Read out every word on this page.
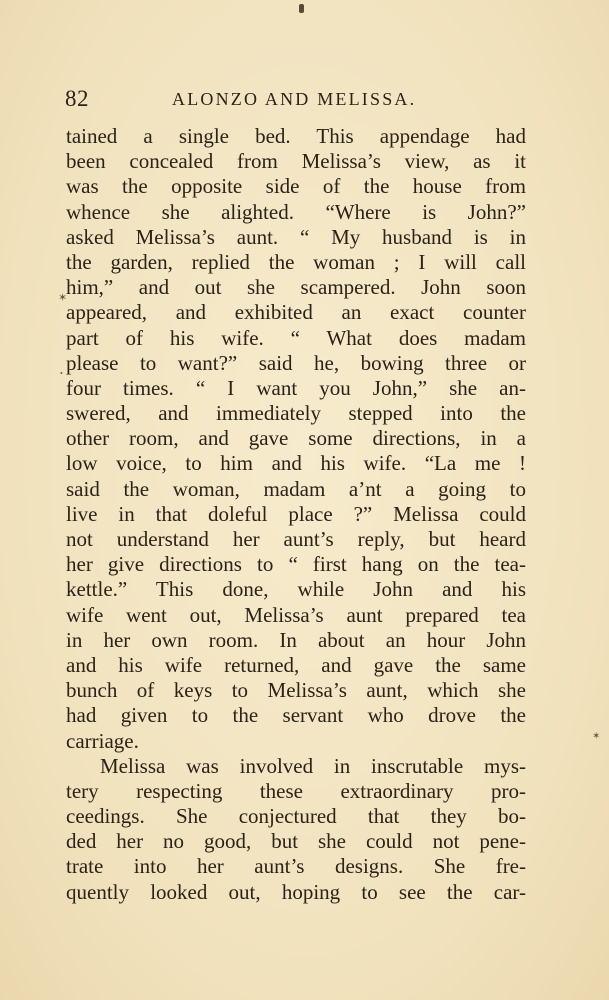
✶
•
✶
82	ALONZO AND MELISSA.
tained a single bed. This appendage had
been concealed from Melissa’s view, as it
was the opposite side of the house from
whence she alighted. “Where is John?”
asked Melissa’s aunt. “ My husband is in
the garden, replied the woman ; I will call
him,” and out she scampered. John soon
appeared, and exhibited an exact counter
part of his wife. “ What does madam
please to want?” said he, bowing three or
four times. “ I want you John,” she an-
swered, and immediately stepped into the
other room, and gave some directions, in a
low voice, to him and his wife. “La me !
said the woman, madam a’nt a going to
live in that doleful place ?” Melissa could
not understand her aunt’s reply, but heard
her give directions to “ first hang on the tea-
kettle.” This done, while John and his
wife went out, Melissa’s aunt prepared tea
in her own room. In about an hour John
and his wife returned, and gave the same
bunch of keys to Melissa’s aunt, which she
had given to the servant who drove the
carriage.
Melissa was involved in inscrutable mys-
tery respecting these extraordinary pro-
ceedings. She conjectured that they bo-
ded her no good, but she could not pene-
trate into her aunt’s designs. She fre-
quently looked out, hoping to see the car-
